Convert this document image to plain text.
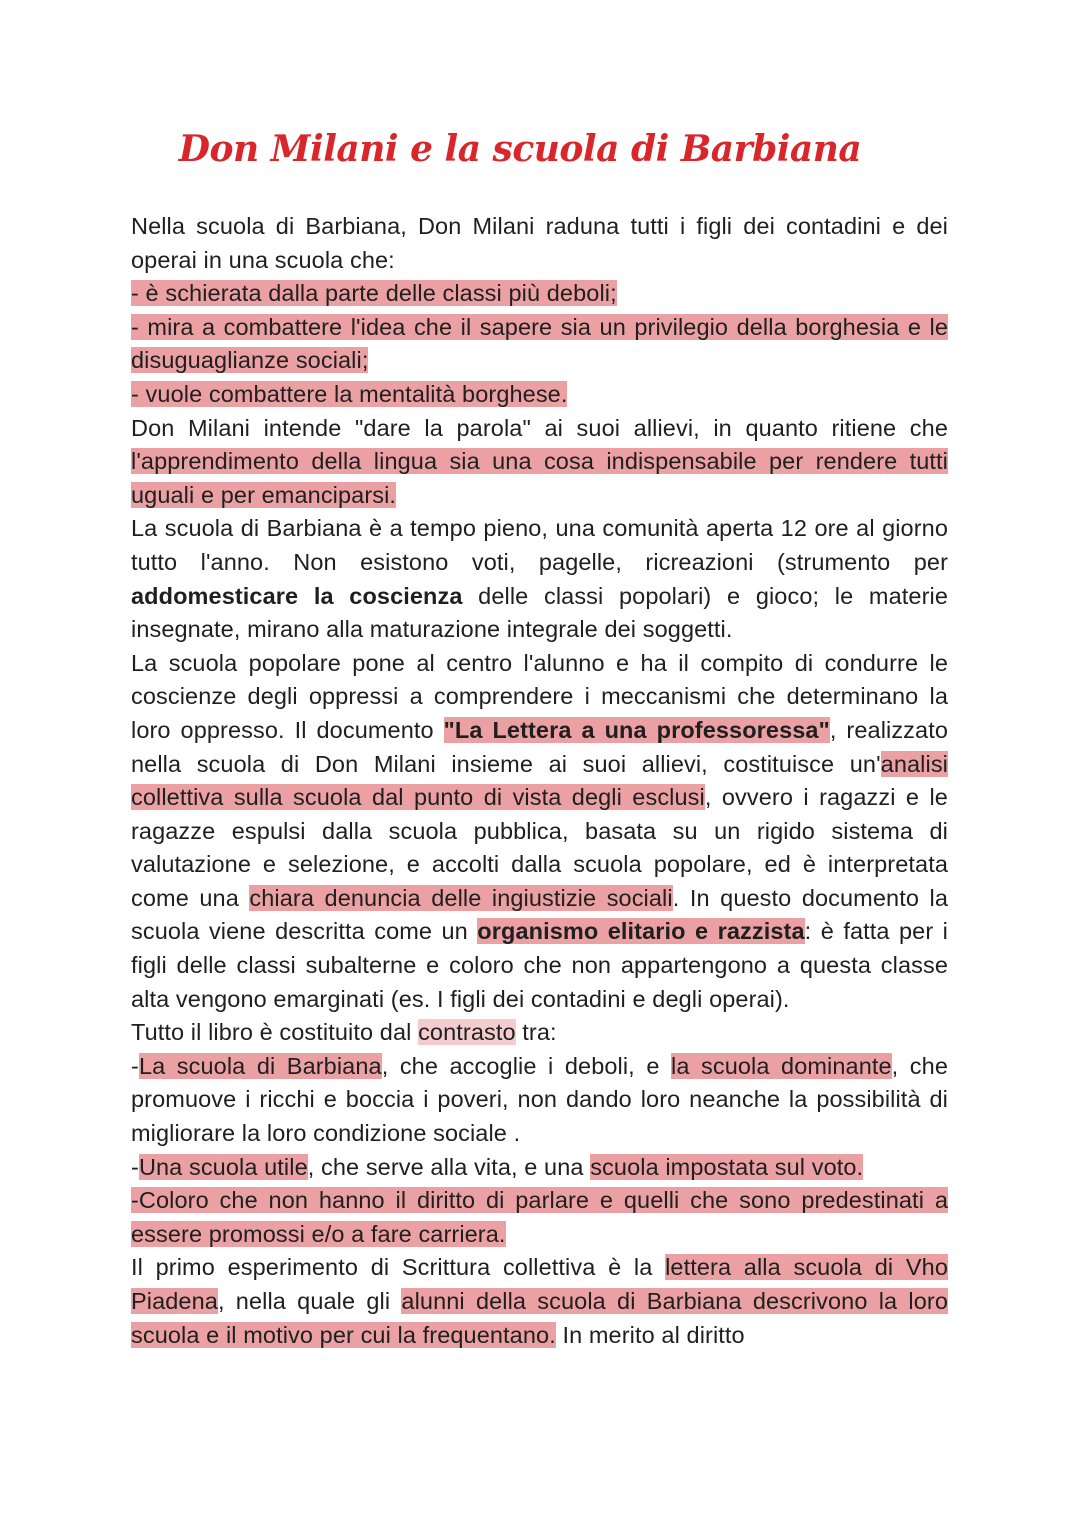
Don Milani e la scuola di Barbiana

Nella scuola di Barbiana, Don Milani raduna tutti i figli dei contadini e dei operai in una scuola che:

- è schierata dalla parte delle classi più deboli;

- mira a combattere l'idea che il sapere sia un privilegio della borghesia e le disuguaglianze sociali;

- vuole combattere la mentalità borghese.

Don Milani intende "dare la parola" ai suoi allievi, in quanto ritiene che l'apprendimento della lingua sia una cosa indispensabile per rendere tutti uguali e per emanciparsi.

La scuola di Barbiana è a tempo pieno, una comunità aperta 12 ore al giorno tutto l'anno. Non esistono voti, pagelle, ricreazioni (strumento per addomesticare la coscienza delle classi popolari) e gioco; le materie insegnate, mirano alla maturazione integrale dei soggetti.

La scuola popolare pone al centro l'alunno e ha il compito di condurre le coscienze degli oppressi a comprendere i meccanismi che determinano la loro oppresso. Il documento "La Lettera a una professoressa", realizzato nella scuola di Don Milani insieme ai suoi allievi, costituisce un'analisi collettiva sulla scuola dal punto di vista degli esclusi, ovvero i ragazzi e le ragazze espulsi dalla scuola pubblica, basata su un rigido sistema di valutazione e selezione, e accolti dalla scuola popolare, ed è interpretata come una chiara denuncia delle ingiustizie sociali. In questo documento la scuola viene descritta come un organismo elitario e razzista: è fatta per i figli delle classi subalterne e coloro che non appartengono a questa classe alta vengono emarginati (es. I figli dei contadini e degli operai).

Tutto il libro è costituito dal contrasto tra:

-La scuola di Barbiana, che accoglie i deboli, e la scuola dominante, che promuove i ricchi e boccia i poveri, non dando loro neanche la possibilità di migliorare la loro condizione sociale .

-Una scuola utile, che serve alla vita, e una scuola impostata sul voto.

-Coloro che non hanno il diritto di parlare e quelli che sono predestinati a essere promossi e/o a fare carriera.

Il primo esperimento di Scrittura collettiva è la lettera alla scuola di Vho Piadena, nella quale gli alunni della scuola di Barbiana descrivono la loro scuola e il motivo per cui la frequentano. In merito al diritto
